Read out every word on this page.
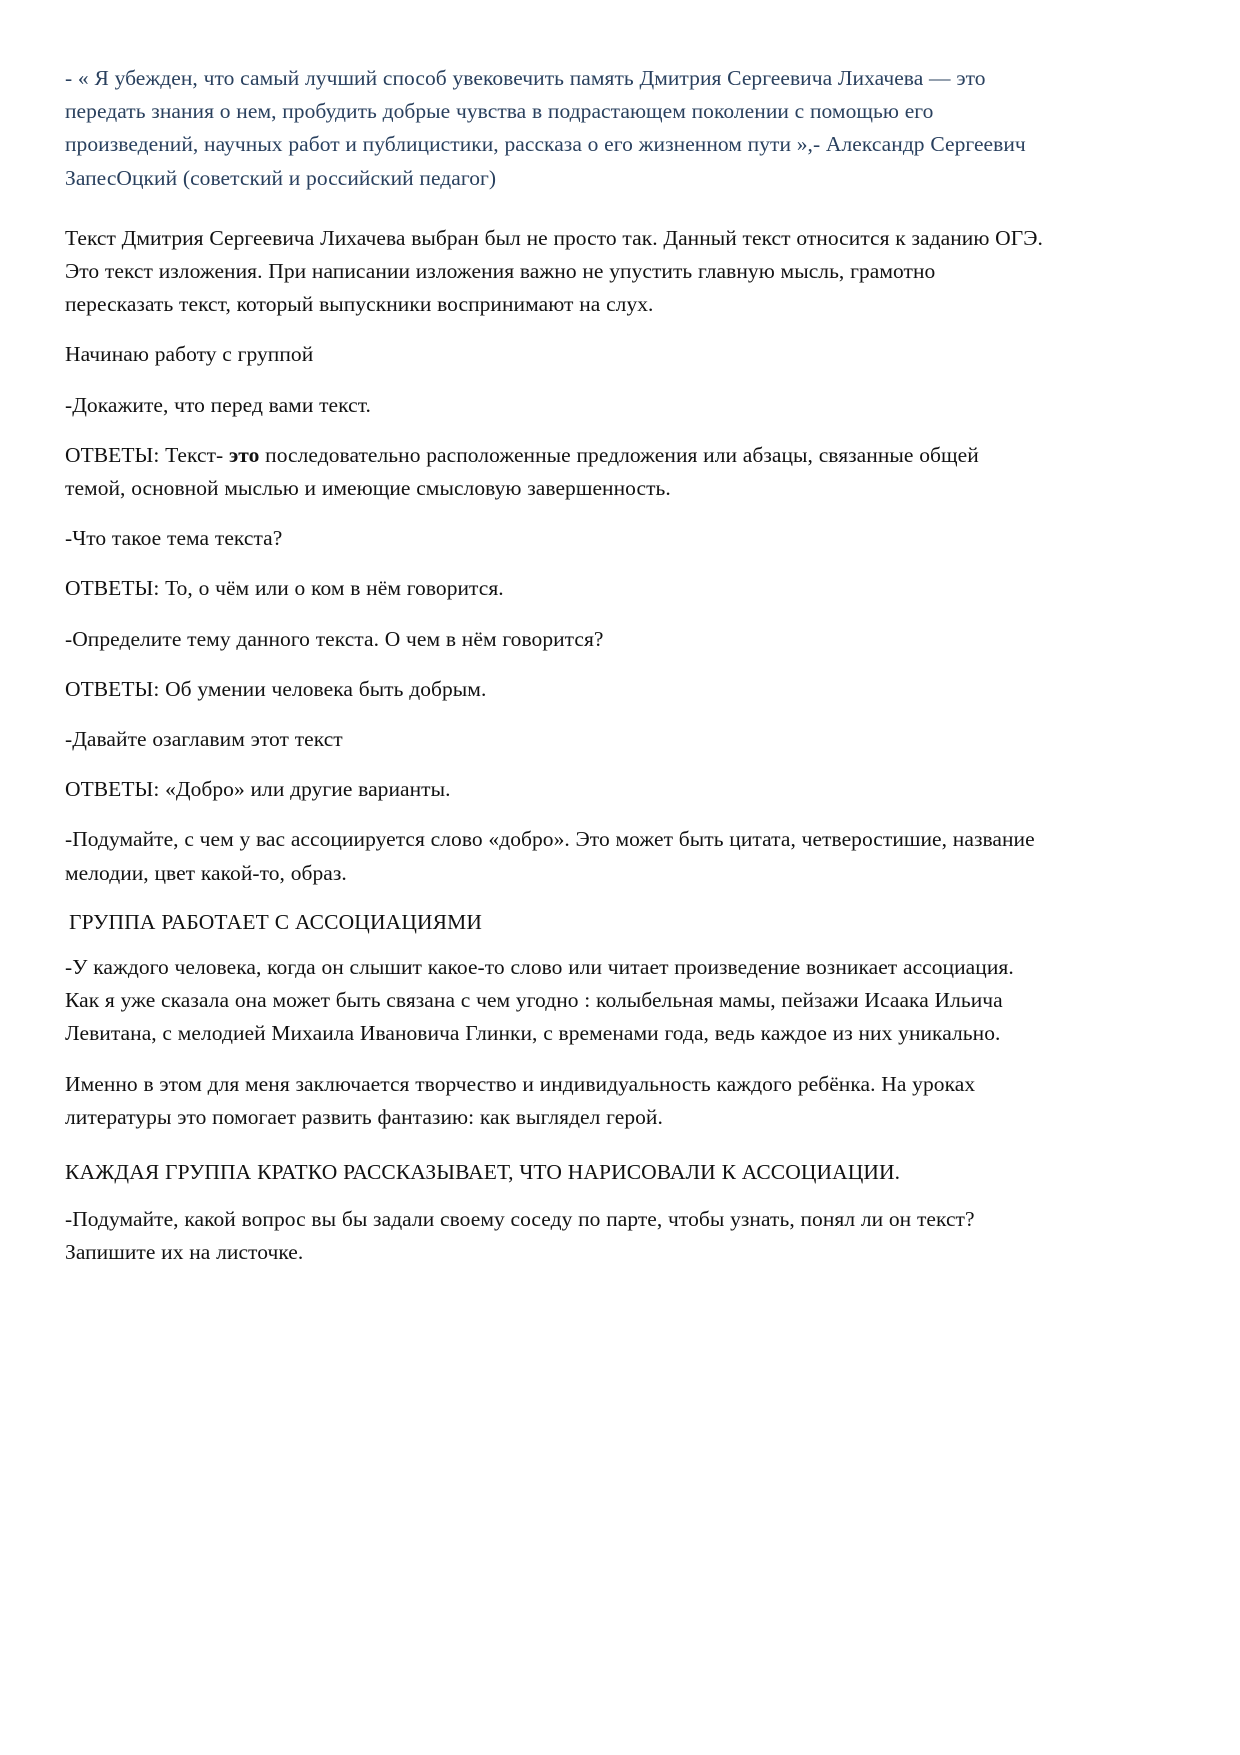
- « Я убежден, что самый лучший способ увековечить память Дмитрия Сергеевича Лихачева — это передать знания о нем, пробудить добрые чувства в подрастающем поколении с помощью его произведений, научных работ и публицистики, рассказа о его жизненном пути »,- Александр Сергеевич ЗапесОцкий (советский и российский педагог)

Текст Дмитрия Сергеевича Лихачева выбран был не просто так. Данный текст относится к заданию ОГЭ. Это текст изложения. При написании изложения важно не упустить главную мысль, грамотно пересказать текст, который выпускники воспринимают на слух.

Начинаю работу с группой

-Докажите, что перед вами текст.

ОТВЕТЫ: Текст- это последовательно расположенные предложения или абзацы, связанные общей темой, основной мыслью и имеющие смысловую завершенность.

-Что такое тема текста?

ОТВЕТЫ: То, о чём или о ком в нём говорится.

-Определите тему данного текста. О чем в нём говорится?

ОТВЕТЫ: Об умении человека быть добрым.

-Давайте озаглавим этот текст

ОТВЕТЫ: «Добро» или другие варианты.

-Подумайте, с чем у вас ассоциируется слово «добро». Это может быть цитата, четверостишие, название мелодии, цвет какой-то, образ.

ГРУППА РАБОТАЕТ С АССОЦИАЦИЯМИ

-У каждого человека, когда он слышит какое-то слово или читает произведение возникает ассоциация. Как я уже сказала она может быть связана с чем угодно : колыбельная мамы, пейзажи Исаака Ильича Левитана, с мелодией Михаила Ивановича Глинки, с временами года, ведь каждое из них уникально.

Именно в этом для меня заключается творчество и индивидуальность каждого ребёнка. На уроках литературы это помогает развить фантазию: как выглядел герой.

КАЖДАЯ ГРУППА КРАТКО РАССКАЗЫВАЕТ, ЧТО НАРИСОВАЛИ К АССОЦИАЦИИ.

-Подумайте, какой вопрос вы бы задали своему соседу по парте, чтобы узнать, понял ли он текст? Запишите их на листочке.
